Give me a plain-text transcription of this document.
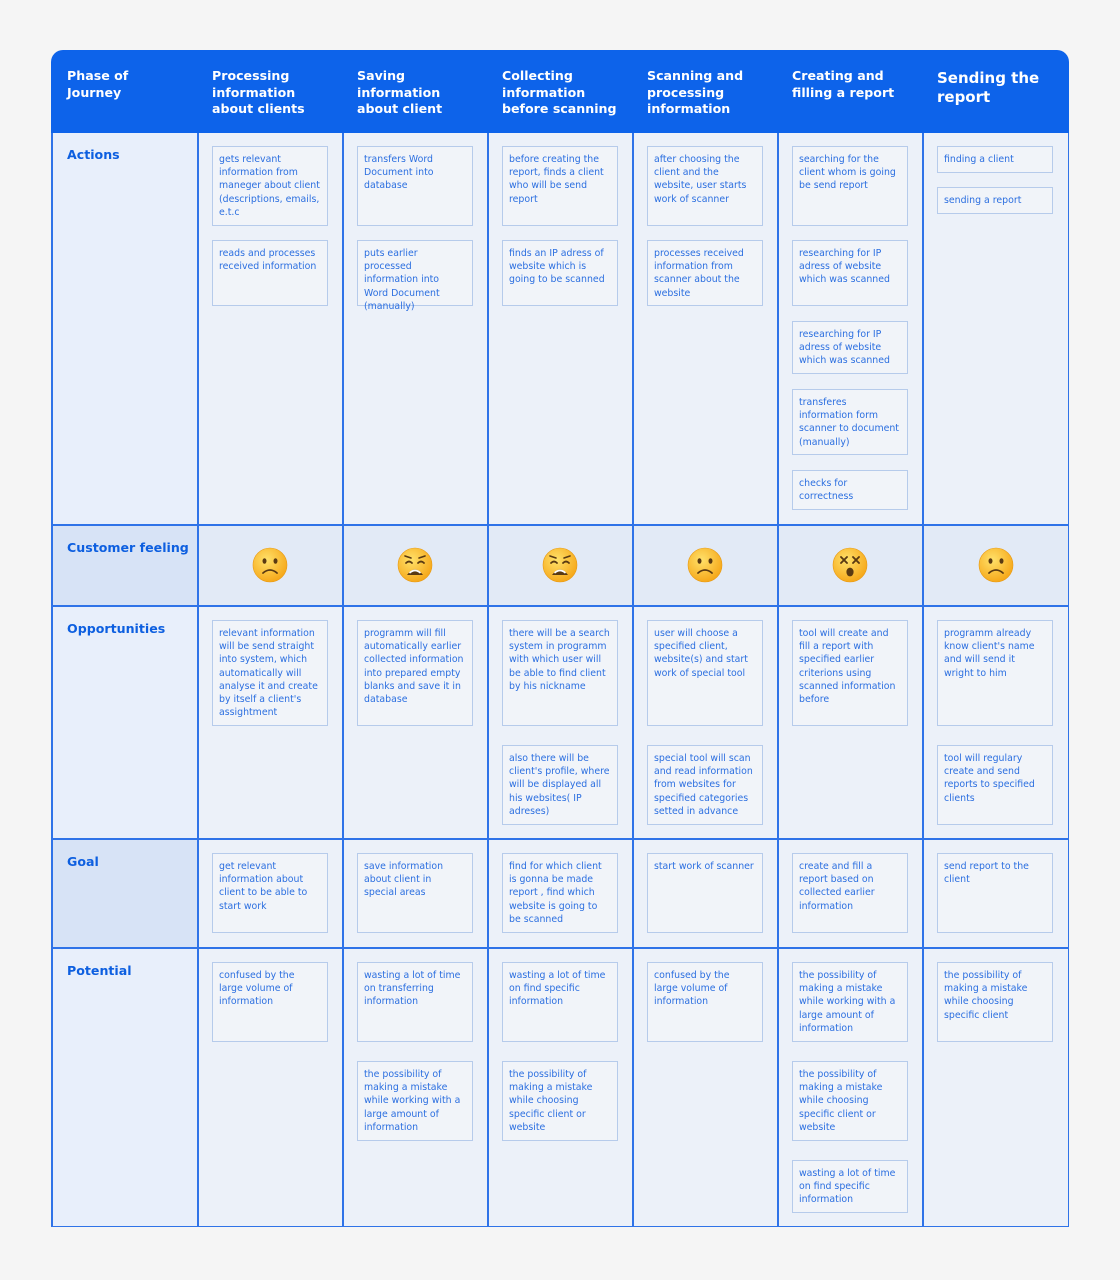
Phase of
Journey
Processing
information
about clients
Saving
information
about client
Collecting
information
before scanning
Scanning and
processing
information
Creating and
filling a report
Sending the
report
Actions
Customer feeling
Opportunities
Goal
Potential
gets relevant information from maneger about client (descriptions, emails, e.t.c
reads and processes received information
transfers Word Document into database
puts earlier processed information into Word Document (manually)
before creating the report, finds a client who will be send report
finds an IP adress of website which is going to be scanned
after choosing the client and the website, user starts work of scanner
processes received information from scanner about the website
searching for the client whom is going be send report
researching for IP adress of website which was scanned
researching for IP adress of website which was scanned
transferes information form scanner to document (manually)
checks for correctness
finding a client
sending a report
relevant information will be send straight into system, which automatically will analyse it and create by itself a client's assightment
programm will fill automatically earlier collected information into prepared empty blanks and save it in database
there will be a search system in programm with which user will be able to find client by his nickname
also there will be client's profile, where will be displayed all his websites( IP adreses)
user will choose a specified client, website(s) and start work of special tool
special tool will scan and read information from websites for specified categories setted in advance
tool will create and fill a report with specified earlier criterions using scanned information before
programm already know client's name and will send it wright to him
tool will regulary create and send reports to specified clients
get relevant information about client to be able to start work
save information about client in special areas
find for which client is gonna be made report , find which website is going to be scanned
start work of scanner	create and fill a report based on collected earlier information
send report to the client
confused by the large volume of information
wasting a lot of time on transferring information
the possibility of making a mistake while working with a large amount of information
wasting a lot of time on find specific information
the possibility of making a mistake while choosing specific client or website
confused by the large volume of information
the possibility of making a mistake while working with a large amount of information
the possibility of making a mistake while choosing specific client or website
wasting a lot of time on find specific information
the possibility of making a mistake while choosing specific client
